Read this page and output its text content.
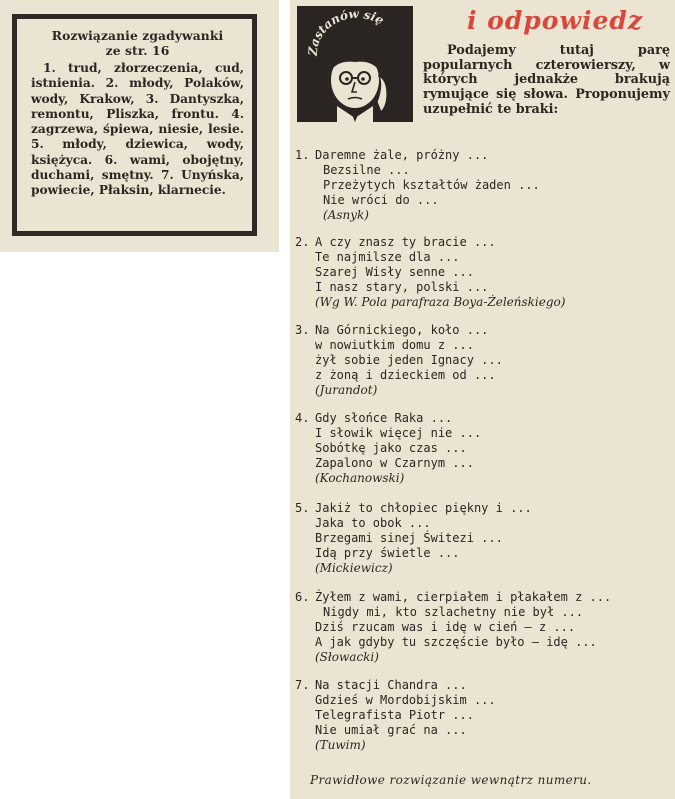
Rozwiązanie zgadywanki
ze str. 16
1. trud, złorzeczenia, cud, istnienia. 2. młody, Polaków, wody, Krakow, 3. Dantyszka, remontu, Pliszka, frontu. 4. zagrzewa, śpiewa, niesie, lesie. 5. młody, dziewica, wody, księżyca. 6. wami, obojętny, duchami, smętny. 7. Unyńska, powiecie, Płaksin, klarnecie.
Zastanów się	i odpowiedz

Podajemy tutaj parę popularnych czterowierszy, w których jednakże brakują rymujące się słowa. Proponujemy uzupełnić te braki:

1. Daremne żale, próżny ...
Bezsilne ...
Przeżytych kształtów żaden ...
Nie wróci do ...
(Asnyk)
2. A czy znasz ty bracie ...
Te najmilsze dla ...
Szarej Wisły senne ...
I nasz stary, polski ...
(Wg W. Pola parafraza Boya-Żeleńskiego)
3. Na Górnickiego, koło ...
w nowiutkim domu z ...
żył sobie jeden Ignacy ...
z żoną i dzieckiem od ...
(Jurandot)
4. Gdy słońce Raka ...
I słowik więcej nie ...
Sobótkę jako czas ...
Zapalono w Czarnym ...
(Kochanowski)
5. Jakiż to chłopiec piękny i ...
Jaka to obok ...
Brzegami sinej Świtezi ...
Idą przy świetle ...
(Mickiewicz)
6. Żyłem z wami, cierpiałem i płakałem z ...
Nigdy mi, kto szlachetny nie był ...
Dziś rzucam was i idę w cień — z ...
A jak gdyby tu szczęście było — idę ...
(Słowacki)
7. Na stacji Chandra ...
Gdzieś w Mordobijskim ...
Telegrafista Piotr ...
Nie umiał grać na ...
(Tuwim)
Prawidłowe rozwiązanie wewnątrz numeru.
